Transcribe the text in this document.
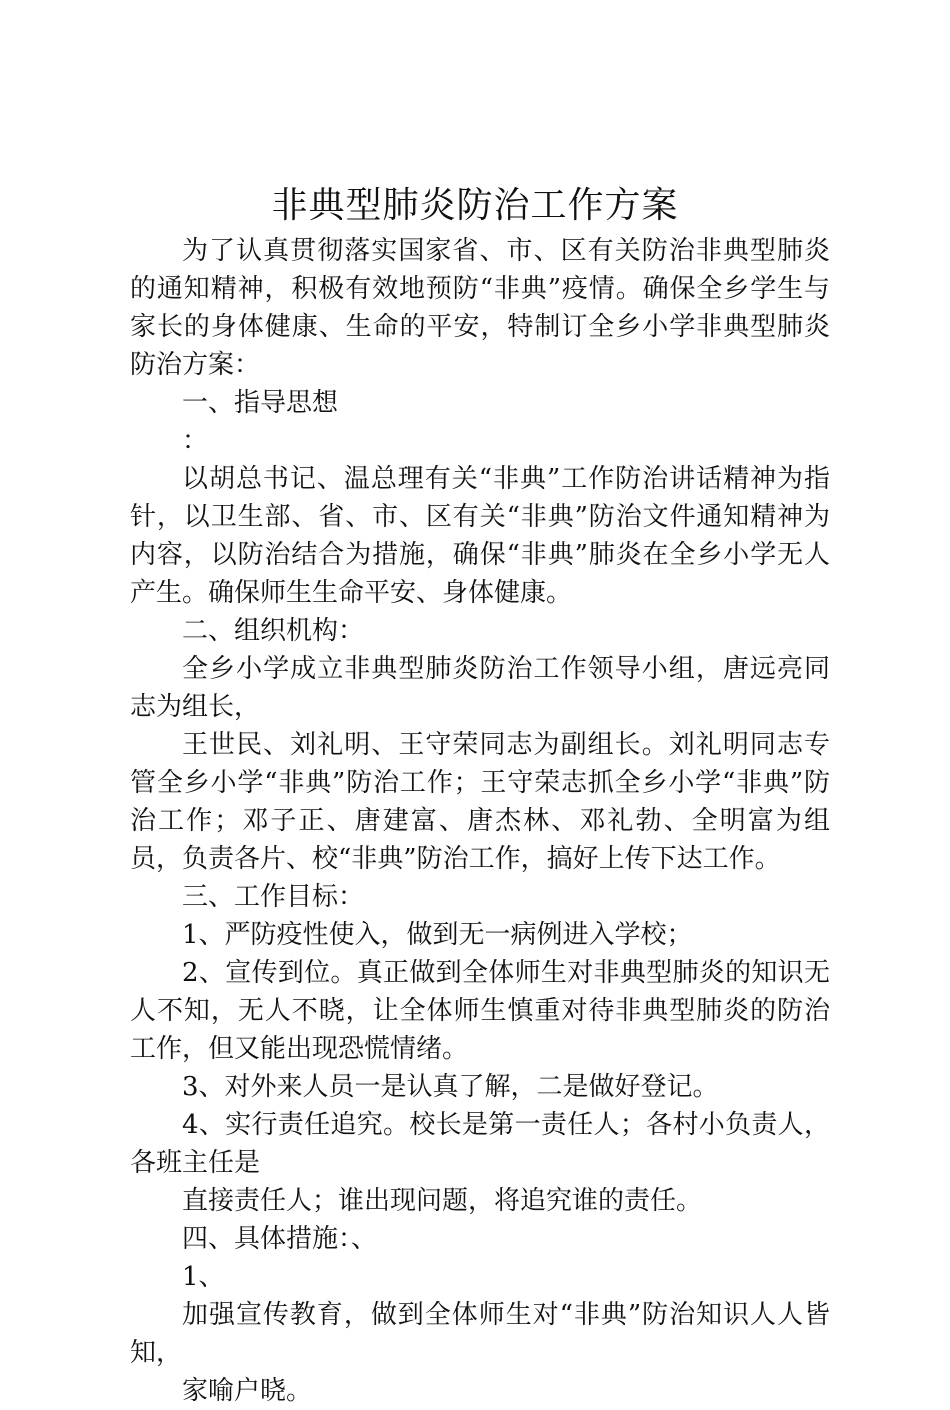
非典型肺炎防治工作方案

为了认真贯彻落实国家省、市、区有关防治非典型肺炎的通知精神，积极有效地预防“非典”疫情。确保全乡学生与家长的身体健康、生命的平安，特制订全乡小学非典型肺炎防治方案：

一、指导思想

：

以胡总书记、温总理有关“非典”工作防治讲话精神为指针，以卫生部、省、市、区有关“非典”防治文件通知精神为内容，以防治结合为措施，确保“非典”肺炎在全乡小学无人产生。确保师生生命平安、身体健康。

二、组织机构：

全乡小学成立非典型肺炎防治工作领导小组，唐远亮同志为组长，

王世民、刘礼明、王守荣同志为副组长。刘礼明同志专管全乡小学“非典”防治工作；王守荣志抓全乡小学“非典”防治工作；邓子正、唐建富、唐杰林、邓礼勃、全明富为组员，负责各片、校“非典”防治工作，搞好上传下达工作。

三、工作目标：

1、严防疫性使入，做到无一病例进入学校；

2、宣传到位。真正做到全体师生对非典型肺炎的知识无人不知，无人不晓，让全体师生慎重对待非典型肺炎的防治工作，但又能出现恐慌情绪。

3、对外来人员一是认真了解，二是做好登记。

4、实行责任追究。校长是第一责任人；各村小负责人，各班主任是

直接责任人；谁出现问题，将追究谁的责任。

四、具体措施：、

1、

加强宣传教育，做到全体师生对“非典”防治知识人人皆知，

家喻户晓。
